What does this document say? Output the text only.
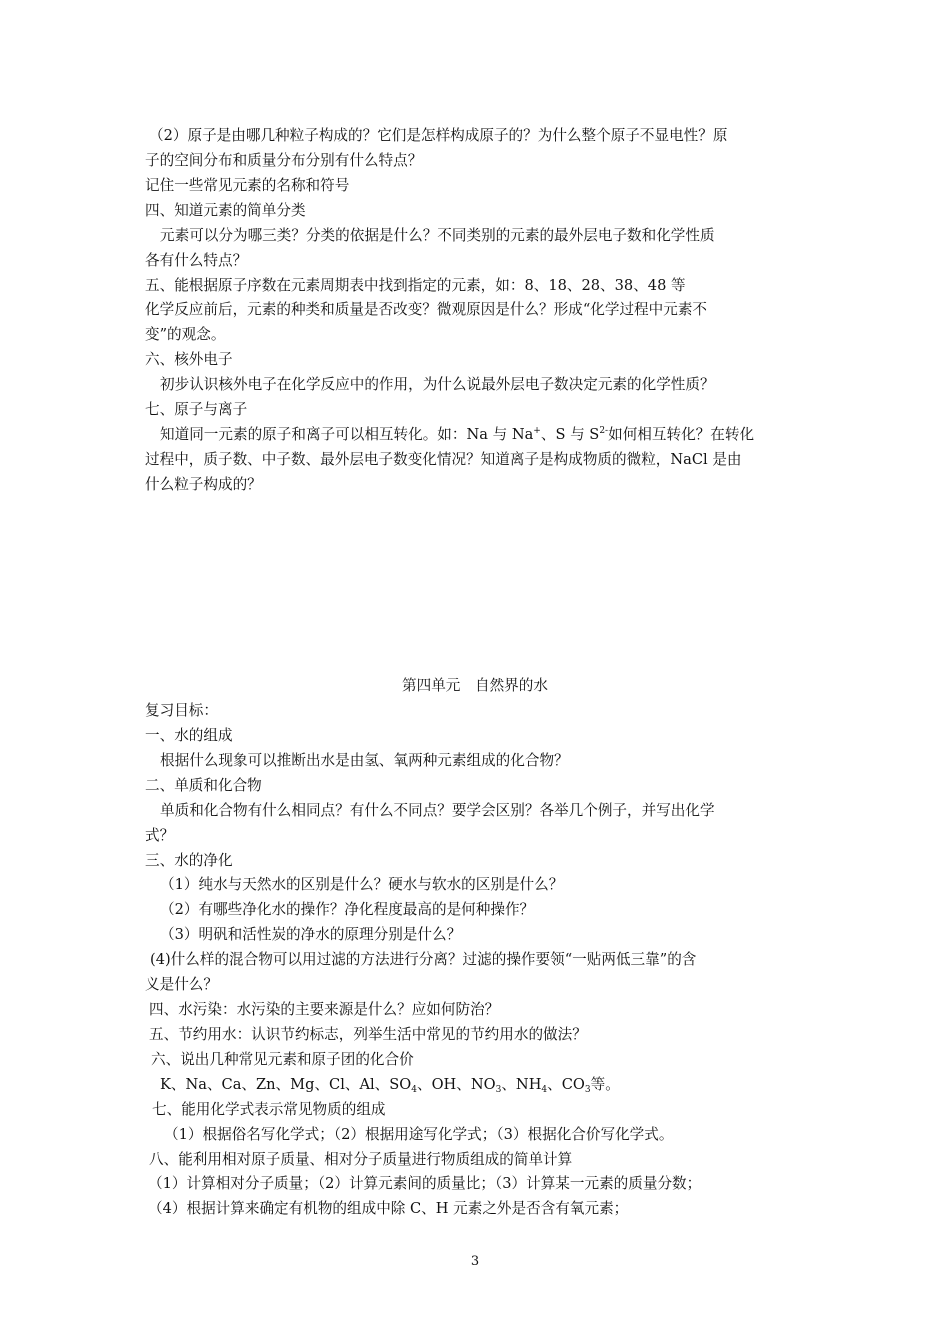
（2）原子是由哪几种粒子构成的？它们是怎样构成原子的？为什么整个原子不显电性？原
子的空间分布和质量分布分别有什么特点？
记住一些常见元素的名称和符号
四、知道元素的简单分类
元素可以分为哪三类？分类的依据是什么？不同类别的元素的最外层电子数和化学性质
各有什么特点？
五、能根据原子序数在元素周期表中找到指定的元素，如：8、18、28、38、48 等
化学反应前后，元素的种类和质量是否改变？微观原因是什么？形成“化学过程中元素不
变”的观念。
六、核外电子
初步认识核外电子在化学反应中的作用，为什么说最外层电子数决定元素的化学性质？
七、原子与离子
知道同一元素的原子和离子可以相互转化。如：Na 与 Na+、S 与 $S^{2-}$如何相互转化？在转化
过程中，质子数、中子数、最外层电子数变化情况？知道离子是构成物质的微粒，NaCl 是由
什么粒子构成的？
第四单元　自然界的水
复习目标：
一、水的组成
根据什么现象可以推断出水是由氢、氧两种元素组成的化合物？
二、单质和化合物
单质和化合物有什么相同点？有什么不同点？要学会区别？各举几个例子，并写出化学
式？
三、水的净化
（1）纯水与天然水的区别是什么？硬水与软水的区别是什么？
（2）有哪些净化水的操作？净化程度最高的是何种操作？
（3）明矾和活性炭的净水的原理分别是什么？
(4)什么样的混合物可以用过滤的方法进行分离？过滤的操作要领“一贴两低三靠”的含
义是什么？
四、水污染：水污染的主要来源是什么？应如何防治？
五、节约用水：认识节约标志，列举生活中常见的节约用水的做法？
六、说出几种常见元素和原子团的化合价
K、Na、Ca、Zn、Mg、Cl、Al、$SO_4$、OH、$NO_3$、$NH_4$、$CO_3$等。
七、能用化学式表示常见物质的组成
（1）根据俗名写化学式；（2）根据用途写化学式；（3）根据化合价写化学式。
八、能利用相对原子质量、相对分子质量进行物质组成的简单计算
（1）计算相对分子质量；（2）计算元素间的质量比；（3）计算某一元素的质量分数；
（4）根据计算来确定有机物的组成中除 C、H 元素之外是否含有氧元素；
3
